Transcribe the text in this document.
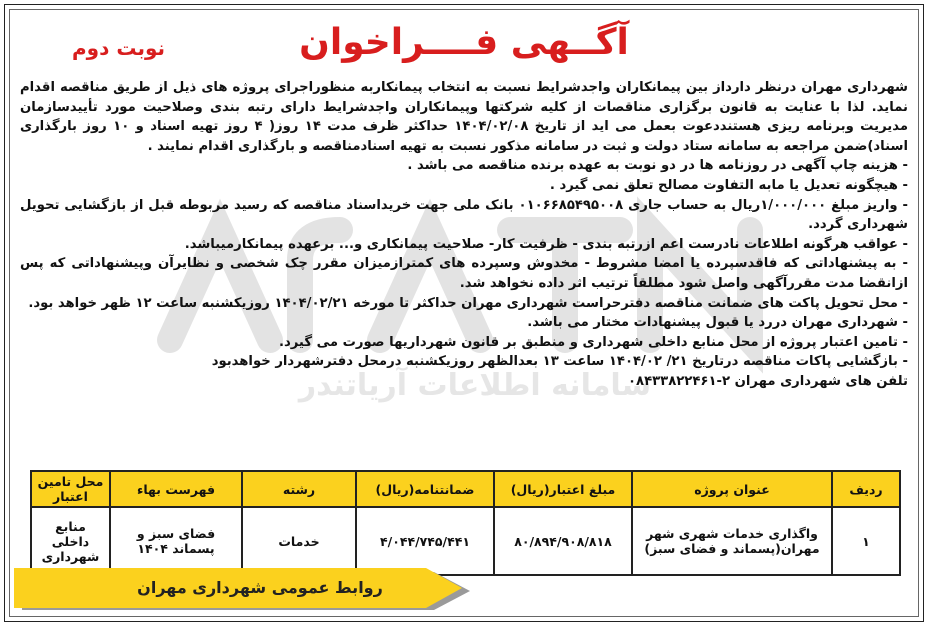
سامانه اطلاعات آریاتندر
نوبت دوم	آگــهی فــــراخوان

شهرداری مهران درنظر دارداز بین پیمانکاران واجدشرایط نسبت به انتخاب پیمانکاربه منظوراجرای پروژه های ذیل از طریق مناقصه اقدام نماید. لذا با عنایت به قانون برگزاری مناقصات از کلیه شرکتها وپیمانکاران واجدشرایط دارای رتبه بندی وصلاحیت مورد تأییدسازمان مدیریت وبرنامه ریزی هستنددعوت بعمل می اید از تاریخ ۱۴۰۴/۰۲/۰۸ حداکثر ظرف مدت ۱۴ روز( ۴ روز تهیه اسناد و ۱۰ روز بارگذاری اسناد)ضمن مراجعه به سامانه ستاد دولت و ثبت در سامانه مذکور نسبت به تهیه اسنادمناقصه و بارگذاری اقدام نمایند .

- هزینه چاپ آگهی در روزنامه ها در دو نوبت به عهده برنده مناقصه می باشد .

- هیچگونه تعدیل یا مابه التفاوت مصالح تعلق نمی گیرد .

- واریز مبلغ ۱/۰۰۰/۰۰۰ریال به حساب جاری ۰۱۰۶۶۸۵۴۹۵۰۰۸ بانک ملی جهت خریداسناد مناقصه که رسید مربوطه قبل از بازگشایی تحویل شهرداری گردد.

- عواقب هرگونه اطلاعات نادرست اعم ازرتبه بندی - ظرفیت کار- صلاحیت پیمانکاری و... برعهده پیمانکارمیباشد.

- به پیشنهاداتی که فاقدسپرده یا امضا مشروط - مخدوش وسپرده های کمترازمیزان مقرر چک شخصی و نظایرآن وپیشنهاداتی که پس ازانقضا مدت مقررآگهی واصل شود مطلقاً ترتیب اثر داده نخواهد شد.

- محل تحویل پاکت های ضمانت مناقصه دفترحراست شهرداری مهران حداکثر تا مورخه ۱۴۰۴/۰۲/۲۱ روزیکشنبه ساعت ۱۲ ظهر خواهد بود.

- شهرداری مهران دررد یا قبول پیشنهادات مختار می باشد.

- تامین اعتبار پروژه از محل منابع داخلی شهرداری و منطبق بر قانون شهرداریها صورت می گیرد.

- بازگشایی پاکات مناقصه درتاریخ ۲۱/ ۱۴۰۴/۰۲ ساعت ۱۳ بعدالظهر روزیکشنبه درمحل دفترشهردار خواهدبود

تلفن های شهرداری مهران ۲-۰۸۴۳۳۸۲۲۴۶۱

ردیف	عنوان پروژه	مبلغ اعتبار(ریال)	ضمانتنامه(ریال)	رشته	فهرست بهاء	محل تامین اعتبار
۱	واگذاری خدمات شهری شهر مهران(پسماند و فضای سبز)	۸۰/۸۹۴/۹۰۸/۸۱۸	۴/۰۴۴/۷۴۵/۴۴۱	خدمات	فضای سبز و پسماند ۱۴۰۴	منابع داخلی شهرداری
روابط عمومی شهرداری مهران
